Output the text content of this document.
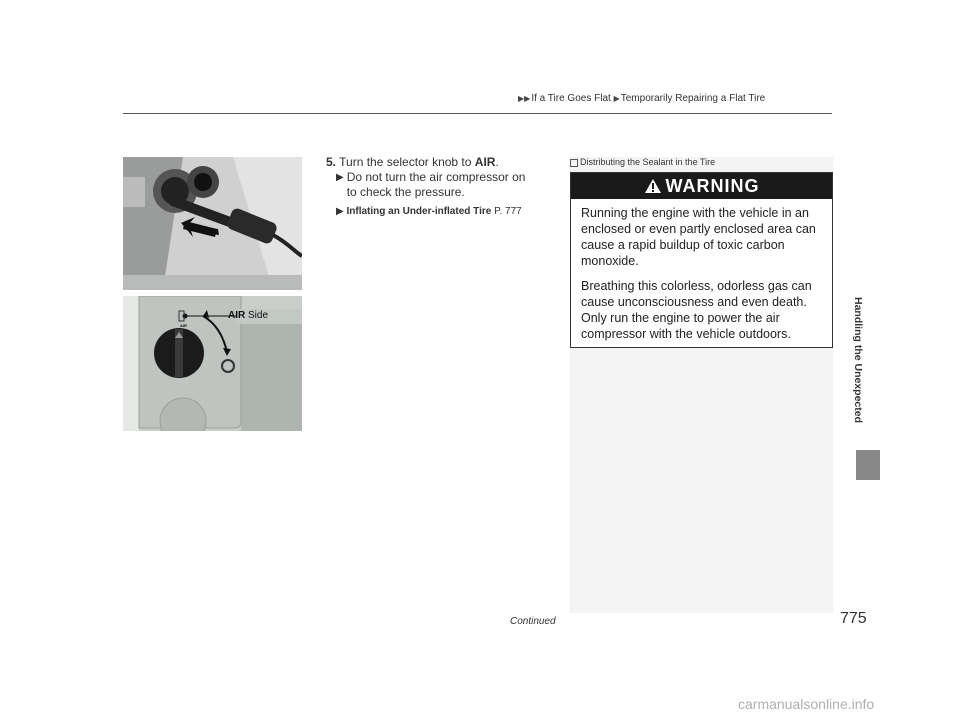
▶▶If a Tire Goes Flat ▶Temporarily Repairing a Flat Tire
AIR
AIR Side
5. Turn the selector knob to AIR.
▶ Do not turn the air compressor on to check the pressure.
▶ Inflating an Under-inflated Tire P. 777
Distributing the Sealant in the Tire
WARNING

Running the engine with the vehicle in an enclosed or even partly enclosed area can cause a rapid buildup of toxic carbon monoxide.

Breathing this colorless, odorless gas can cause unconsciousness and even death. Only run the engine to power the air compressor with the vehicle outdoors.	Handling the Unexpected
Continued	775
carmanualsonline.info
